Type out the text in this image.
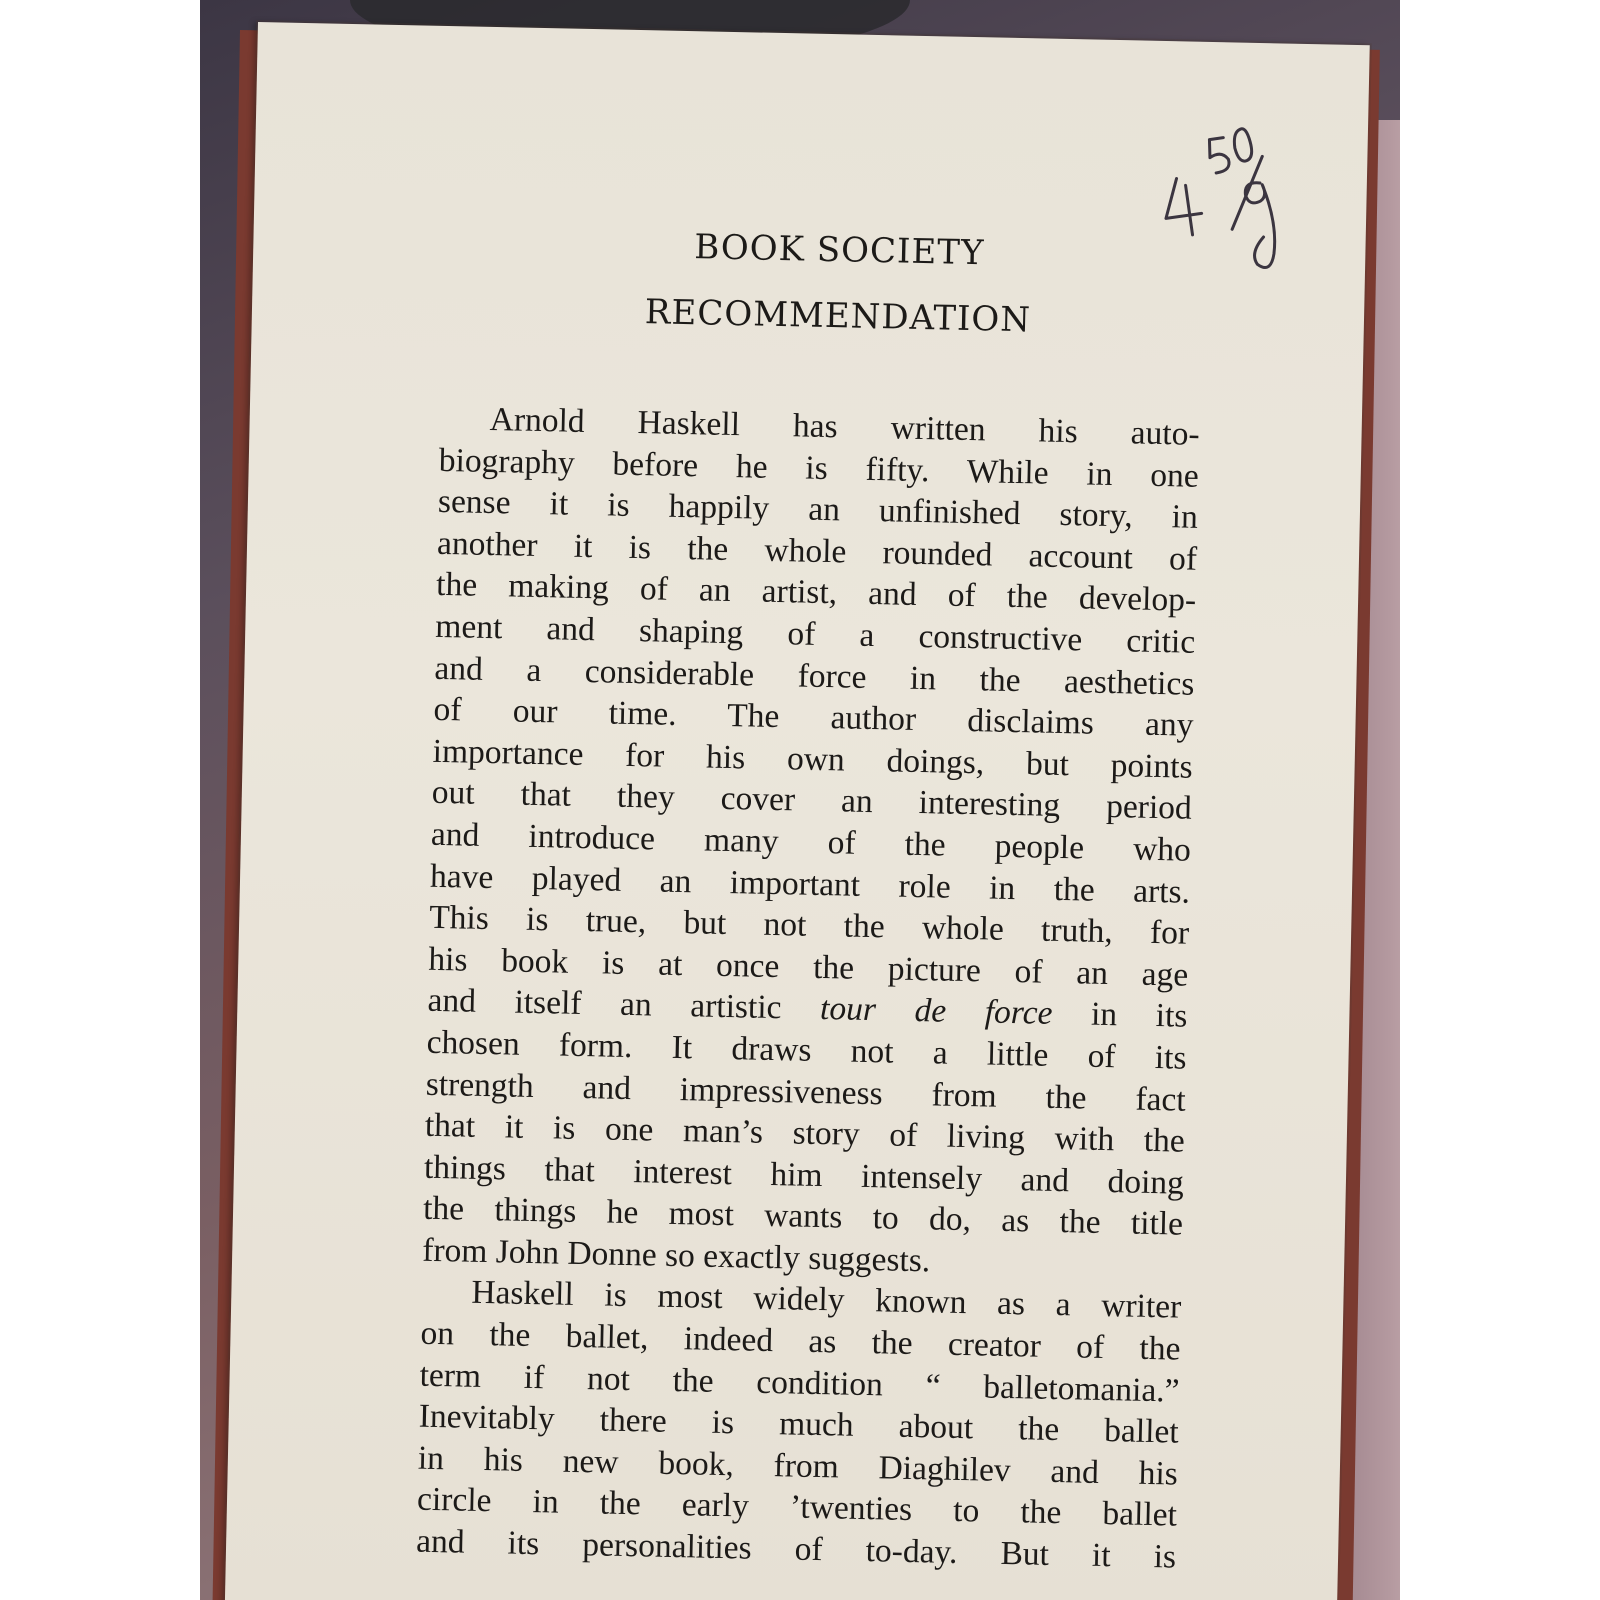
BOOK SOCIETY
RECOMMENDATION
Arnold Haskell has written his auto-
biography before he is fifty. While in one
sense it is happily an unfinished story, in
another it is the whole rounded account of
the making of an artist, and of the develop-
ment and shaping of a constructive critic
and a considerable force in the aesthetics
of our time. The author disclaims any
importance for his own doings, but points
out that they cover an interesting period
and introduce many of the people who
have played an important role in the arts.
This is true, but not the whole truth, for
his book is at once the picture of an age
and itself an artistic tour de force in its
chosen form. It draws not a little of its
strength and impressiveness from the fact
that it is one man’s story of living with the
things that interest him intensely and doing
the things he most wants to do, as the title
from John Donne so exactly suggests.
Haskell is most widely known as a writer
on the ballet, indeed as the creator of the
term if not the condition “ balletomania.”
Inevitably there is much about the ballet
in his new book, from Diaghilev and his
circle in the early ’twenties to the ballet
and its personalities of to-day. But it is
